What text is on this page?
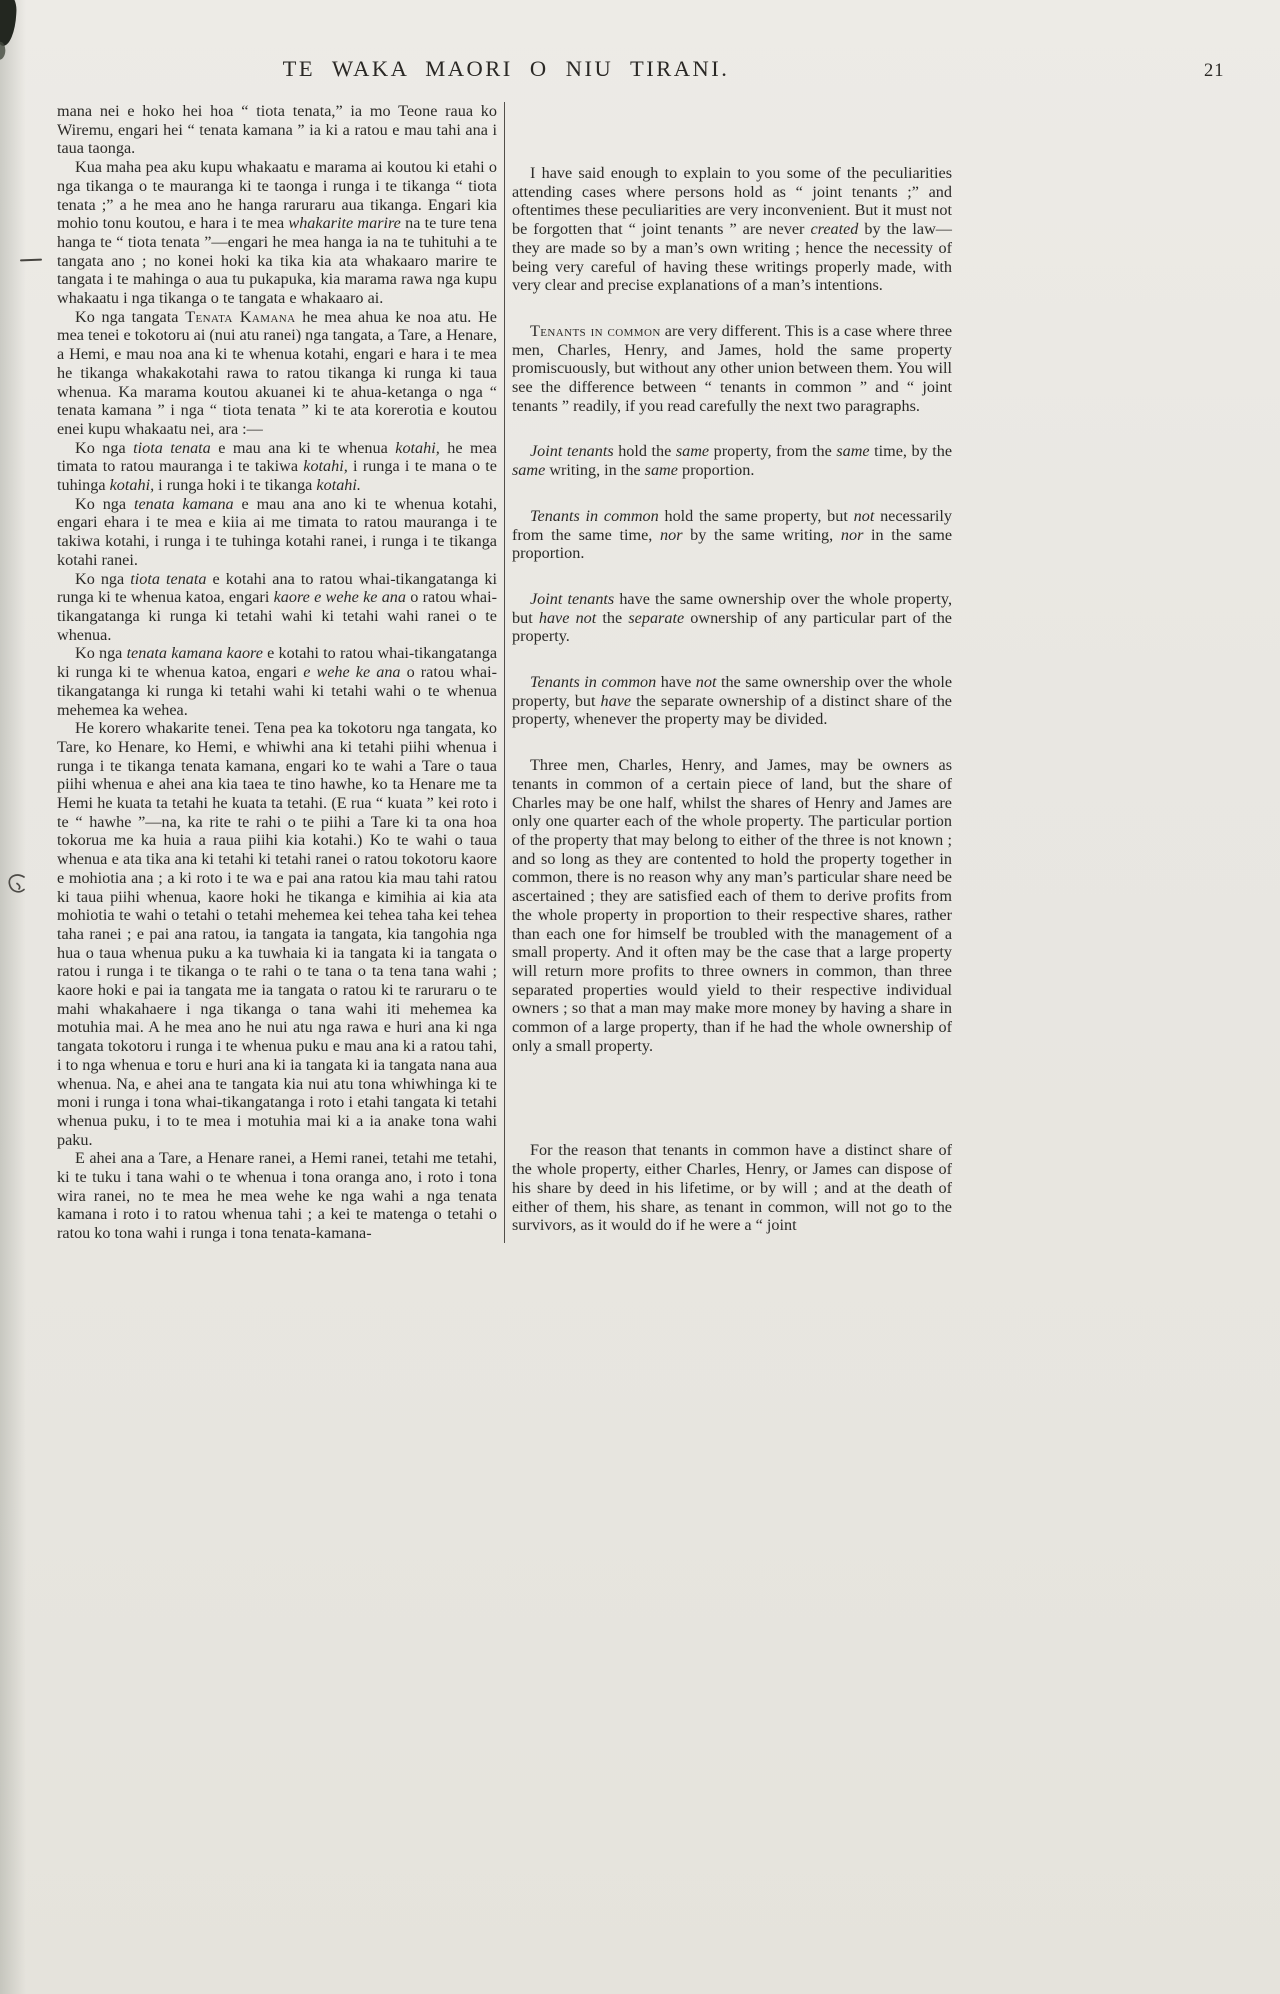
TE WAKA MAORI O NIU TIRANI.	21

mana nei e hoko hei hoa “ tiota tenata,” ia mo Teone raua ko Wiremu, engari hei “ tenata kamana ” ia ki a ratou e mau tahi ana i taua taonga.

Kua maha pea aku kupu whakaatu e marama ai koutou ki etahi o nga tikanga o te mauranga ki te taonga i runga i te tikanga “ tiota tenata ;” a he mea ano he hanga raruraru aua tikanga. Engari kia mohio tonu koutou, e hara i te mea whakarite marire na te ture tena hanga te “ tiota tenata ”—engari he mea hanga ia na te tuhituhi a te tangata ano ; no konei hoki ka tika kia ata whakaaro marire te tangata i te mahinga o aua tu pukapuka, kia marama rawa nga kupu whakaatu i nga tikanga o te tangata e whakaaro ai.

Ko nga tangata Tenata Kamana he mea ahua ke noa atu. He mea tenei e tokotoru ai (nui atu ranei) nga tangata, a Tare, a Henare, a Hemi, e mau noa ana ki te whenua kotahi, engari e hara i te mea he tikanga whakakotahi rawa to ratou tikanga ki runga ki taua whenua. Ka marama koutou akuanei ki te ahua-ketanga o nga “ tenata kamana ” i nga “ tiota tenata ” ki te ata korerotia e koutou enei kupu whakaatu nei, ara :—

Ko nga tiota tenata e mau ana ki te whenua kotahi, he mea timata to ratou mauranga i te takiwa kotahi, i runga i te mana o te tuhinga kotahi, i runga hoki i te tikanga kotahi.

Ko nga tenata kamana e mau ana ano ki te whenua kotahi, engari ehara i te mea e kiia ai me timata to ratou mauranga i te takiwa kotahi, i runga i te tuhinga kotahi ranei, i runga i te tikanga kotahi ranei.

Ko nga tiota tenata e kotahi ana to ratou whai-tikangatanga ki runga ki te whenua katoa, engari kaore e wehe ke ana o ratou whai-tikangatanga ki runga ki tetahi wahi ki tetahi wahi ranei o te whenua.

Ko nga tenata kamana kaore e kotahi to ratou whai-tikangatanga ki runga ki te whenua katoa, engari e wehe ke ana o ratou whai-tikangatanga ki runga ki tetahi wahi ki tetahi wahi o te whenua mehemea ka wehea.

He korero whakarite tenei. Tena pea ka tokotoru nga tangata, ko Tare, ko Henare, ko Hemi, e whiwhi ana ki tetahi piihi whenua i runga i te tikanga tenata kamana, engari ko te wahi a Tare o taua piihi whenua e ahei ana kia taea te tino hawhe, ko ta Henare me ta Hemi he kuata ta tetahi he kuata ta tetahi. (E rua “ kuata ” kei roto i te “ hawhe ”—na, ka rite te rahi o te piihi a Tare ki ta ona hoa tokorua me ka huia a raua piihi kia kotahi.) Ko te wahi o taua whenua e ata tika ana ki tetahi ki tetahi ranei o ratou tokotoru kaore e mohiotia ana ; a ki roto i te wa e pai ana ratou kia mau tahi ratou ki taua piihi whenua, kaore hoki he tikanga e kimihia ai kia ata mohiotia te wahi o tetahi o tetahi mehemea kei tehea taha kei tehea taha ranei ; e pai ana ratou, ia tangata ia tangata, kia tangohia nga hua o taua whenua puku a ka tuwhaia ki ia tangata ki ia tangata o ratou i runga i te tikanga o te rahi o te tana o ta tena tana wahi ; kaore hoki e pai ia tangata me ia tangata o ratou ki te raruraru o te mahi whakahaere i nga tikanga o tana wahi iti mehemea ka motuhia mai. A he mea ano he nui atu nga rawa e huri ana ki nga tangata tokotoru i runga i te whenua puku e mau ana ki a ratou tahi, i to nga whenua e toru e huri ana ki ia tangata ki ia tangata nana aua whenua. Na, e ahei ana te tangata kia nui atu tona whiwhinga ki te moni i runga i tona whai-tikangatanga i roto i etahi tangata ki tetahi whenua puku, i to te mea i motuhia mai ki a ia anake tona wahi paku.

E ahei ana a Tare, a Henare ranei, a Hemi ranei, tetahi me tetahi, ki te tuku i tana wahi o te whenua i tona oranga ano, i roto i tona wira ranei, no te mea he mea wehe ke nga wahi a nga tenata kamana i roto i to ratou whenua tahi ; a kei te matenga o tetahi o ratou ko tona wahi i runga i tona tenata-kamana-

I have said enough to explain to you some of the peculiarities attending cases where persons hold as “ joint tenants ;” and oftentimes these peculiarities are very inconvenient. But it must not be forgotten that “ joint tenants ” are never created by the law—they are made so by a man’s own writing ; hence the necessity of being very careful of having these writings properly made, with very clear and precise explanations of a man’s intentions.

Tenants in common are very different. This is a case where three men, Charles, Henry, and James, hold the same property promiscuously, but without any other union between them. You will see the difference between “ tenants in common ” and “ joint tenants ” readily, if you read carefully the next two paragraphs.

Joint tenants hold the same property, from the same time, by the same writing, in the same proportion.

Tenants in common hold the same property, but not necessarily from the same time, nor by the same writing, nor in the same proportion.

Joint tenants have the same ownership over the whole property, but have not the separate ownership of any particular part of the property.

Tenants in common have not the same ownership over the whole property, but have the separate ownership of a distinct share of the property, whenever the property may be divided.

Three men, Charles, Henry, and James, may be owners as tenants in common of a certain piece of land, but the share of Charles may be one half, whilst the shares of Henry and James are only one quarter each of the whole property. The particular portion of the property that may belong to either of the three is not known ; and so long as they are contented to hold the property together in common, there is no reason why any man’s particular share need be ascertained ; they are satisfied each of them to derive profits from the whole property in proportion to their respective shares, rather than each one for himself be troubled with the management of a small property. And it often may be the case that a large property will return more profits to three owners in common, than three separated properties would yield to their respective individual owners ; so that a man may make more money by having a share in common of a large property, than if he had the whole ownership of only a small property.

For the reason that tenants in common have a distinct share of the whole property, either Charles, Henry, or James can dispose of his share by deed in his lifetime, or by will ; and at the death of either of them, his share, as tenant in common, will not go to the survivors, as it would do if he were a “ joint
